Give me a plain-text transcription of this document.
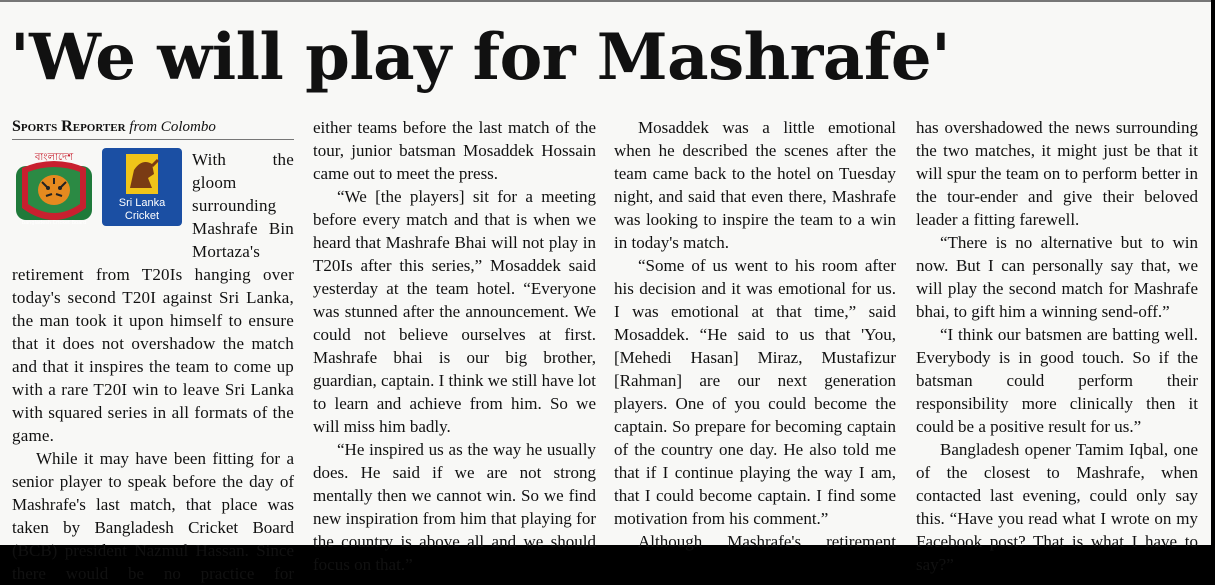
'We will play for Mashrafe'
Sports Reporter from Colombo
বাংলাদেশ
Bangladesh Cricket Board
Sri Lanka
Cricket

With the gloom surrounding Mashrafe Bin Mortaza's retirement from T20Is hanging over today's second T20I against Sri Lanka, the man took it upon himself to ensure that it does not overshadow the match and that it inspires the team to come up with a rare T20I win to leave Sri Lanka with squared series in all formats of the game.

While it may have been fitting for a senior player to speak before the day of Mashrafe's last match, that place was taken by Bangladesh Cricket Board (BCB) president Nazmul Hassan. Since there would be no practice for

either teams before the last match of the tour, junior batsman Mosaddek Hossain came out to meet the press.

“We [the players] sit for a meeting before every match and that is when we heard that Mashrafe Bhai will not play in T20Is after this series,” Mosaddek said yesterday at the team hotel. “Everyone was stunned after the announcement. We could not believe ourselves at first. Mashrafe bhai is our big brother, guardian, captain. I think we still have lot to learn and achieve from him. So we will miss him badly.

“He inspired us as the way he usually does. He said if we are not strong mentally then we cannot win. So we find new inspiration from him that playing for the country is above all and we should focus on that.”

Mosaddek was a little emotional when he described the scenes after the team came back to the hotel on Tuesday night, and said that even there, Mashrafe was looking to inspire the team to a win in today's match.

“Some of us went to his room after his decision and it was emotional for us. I was emotional at that time,” said Mosaddek. “He said to us that 'You, [Mehedi Hasan] Miraz, Mustafizur [Rahman] are our next generation players. One of you could become the captain. So prepare for becoming captain of the country one day. He also told me that if I continue playing the way I am, that I could become captain. I find some motivation from his comment.”

Although Mashrafe's retirement

has overshadowed the news surrounding the two matches, it might just be that it will spur the team on to perform better in the tour-ender and give their beloved leader a fitting farewell.

“There is no alternative but to win now. But I can personally say that, we will play the second match for Mashrafe bhai, to gift him a winning send-off.”

“I think our batsmen are batting well. Everybody is in good touch. So if the batsman could perform their responsibility more clinically then it could be a positive result for us.”

Bangladesh opener Tamim Iqbal, one of the closest to Mashrafe, when contacted last evening, could only say this. “Have you read what I wrote on my Facebook post? That is what I have to say?”
